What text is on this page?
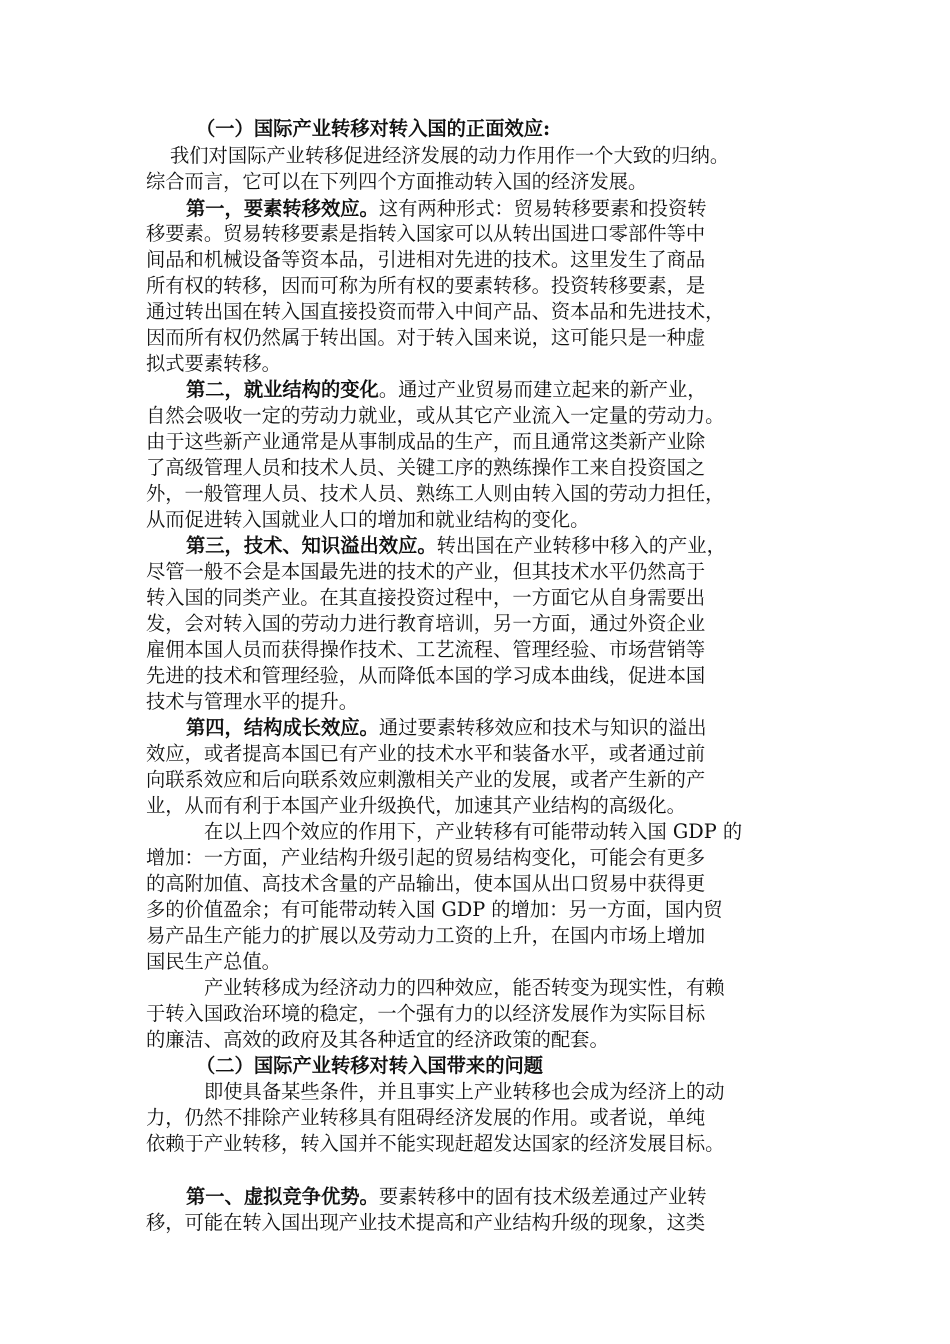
（一）国际产业转移对转入国的正面效应:
我们对国际产业转移促进经济发展的动力作用作一个大致的归纳。
综合而言，它可以在下列四个方面推动转入国的经济发展。
第一，要素转移效应。这有两种形式：贸易转移要素和投资转
移要素。贸易转移要素是指转入国家可以从转出国进口零部件等中
间品和机械设备等资本品，引进相对先进的技术。这里发生了商品
所有权的转移，因而可称为所有权的要素转移。投资转移要素，是
通过转出国在转入国直接投资而带入中间产品、资本品和先进技术，
因而所有权仍然属于转出国。对于转入国来说，这可能只是一种虚
拟式要素转移。
第二，就业结构的变化。通过产业贸易而建立起来的新产业，
自然会吸收一定的劳动力就业，或从其它产业流入一定量的劳动力。
由于这些新产业通常是从事制成品的生产，而且通常这类新产业除
了高级管理人员和技术人员、关键工序的熟练操作工来自投资国之
外，一般管理人员、技术人员、熟练工人则由转入国的劳动力担任，
从而促进转入国就业人口的增加和就业结构的变化。
第三，技术、知识溢出效应。转出国在产业转移中移入的产业，
尽管一般不会是本国最先进的技术的产业，但其技术水平仍然高于
转入国的同类产业。在其直接投资过程中，一方面它从自身需要出
发，会对转入国的劳动力进行教育培训，另一方面，通过外资企业
雇佣本国人员而获得操作技术、工艺流程、管理经验、市场营销等
先进的技术和管理经验，从而降低本国的学习成本曲线，促进本国
技术与管理水平的提升。
第四，结构成长效应。通过要素转移效应和技术与知识的溢出
效应，或者提高本国已有产业的技术水平和装备水平，或者通过前
向联系效应和后向联系效应刺激相关产业的发展，或者产生新的产
业，从而有利于本国产业升级换代，加速其产业结构的高级化。
在以上四个效应的作用下，产业转移有可能带动转入国 GDP 的
增加：一方面，产业结构升级引起的贸易结构变化，可能会有更多
的高附加值、高技术含量的产品输出，使本国从出口贸易中获得更
多的价值盈余；有可能带动转入国 GDP 的增加：另一方面，国内贸
易产品生产能力的扩展以及劳动力工资的上升，在国内市场上增加
国民生产总值。
产业转移成为经济动力的四种效应，能否转变为现实性，有赖
于转入国政治环境的稳定，一个强有力的以经济发展作为实际目标
的廉洁、高效的政府及其各种适宜的经济政策的配套。
（二）国际产业转移对转入国带来的问题
即使具备某些条件，并且事实上产业转移也会成为经济上的动
力，仍然不排除产业转移具有阻碍经济发展的作用。或者说，单纯
依赖于产业转移，转入国并不能实现赶超发达国家的经济发展目标。
第一、虚拟竞争优势。要素转移中的固有技术级差通过产业转
移，可能在转入国出现产业技术提高和产业结构升级的现象，这类
